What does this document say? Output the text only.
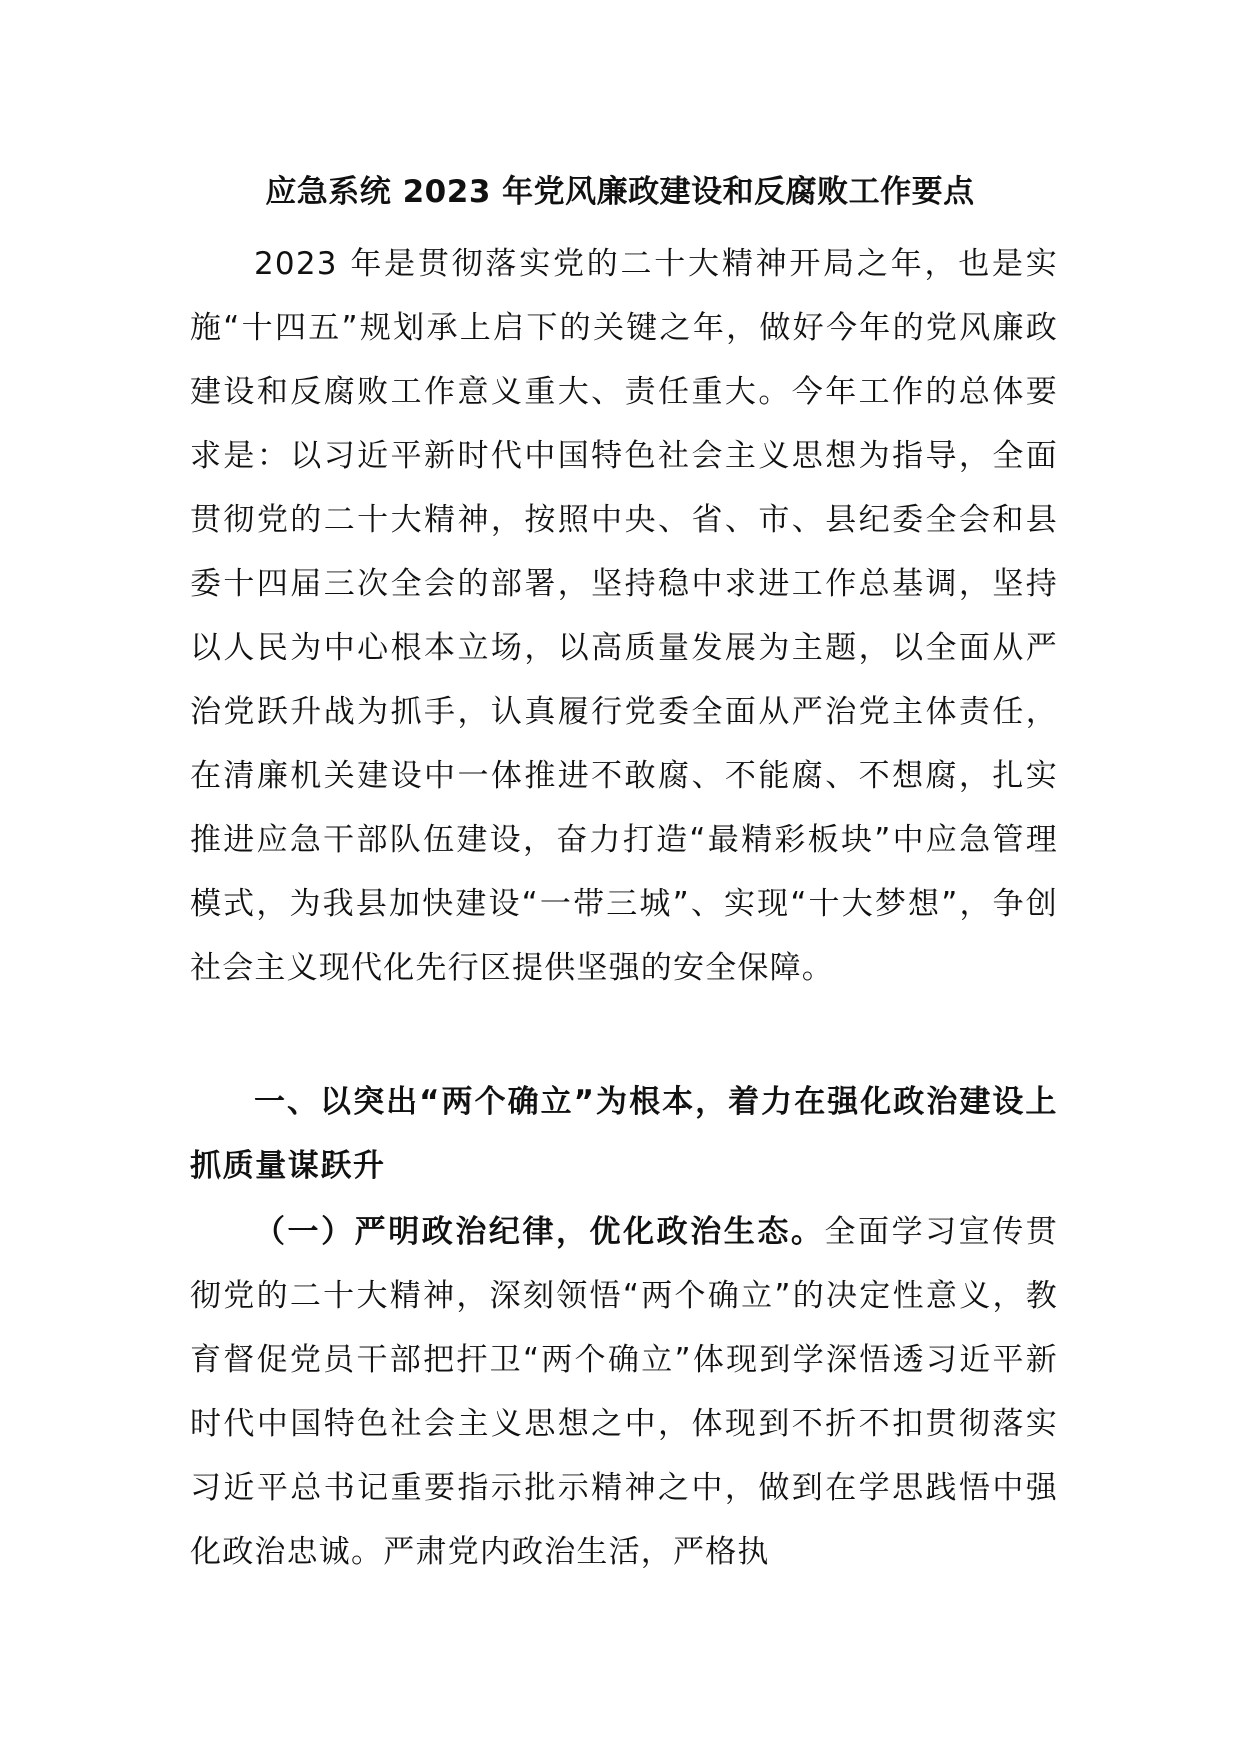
应急系统 2023 年党风廉政建设和反腐败工作要点
2023 年是贯彻落实党的二十大精神开局之年，也是实施“十四五”规划承上启下的关键之年，做好今年的党风廉政建设和反腐败工作意义重大、责任重大。今年工作的总体要求是：以习近平新时代中国特色社会主义思想为指导，全面贯彻党的二十大精神，按照中央、省、市、县纪委全会和县委十四届三次全会的部署，坚持稳中求进工作总基调，坚持以人民为中心根本立场，以高质量发展为主题，以全面从严治党跃升战为抓手，认真履行党委全面从严治党主体责任，在清廉机关建设中一体推进不敢腐、不能腐、不想腐，扎实推进应急干部队伍建设，奋力打造“最精彩板块”中应急管理模式，为我县加快建设“一带三城”、实现“十大梦想”，争创社会主义现代化先行区提供坚强的安全保障。
一、以突出“两个确立”为根本，着力在强化政治建设上抓质量谋跃升
（一）严明政治纪律，优化政治生态。全面学习宣传贯彻党的二十大精神，深刻领悟“两个确立”的决定性意义，教育督促党员干部把扞卫“两个确立”体现到学深悟透习近平新时代中国特色社会主义思想之中，体现到不折不扣贯彻落实习近平总书记重要指示批示精神之中，做到在学思践悟中强化政治忠诚。严肃党内政治生活，严格执
